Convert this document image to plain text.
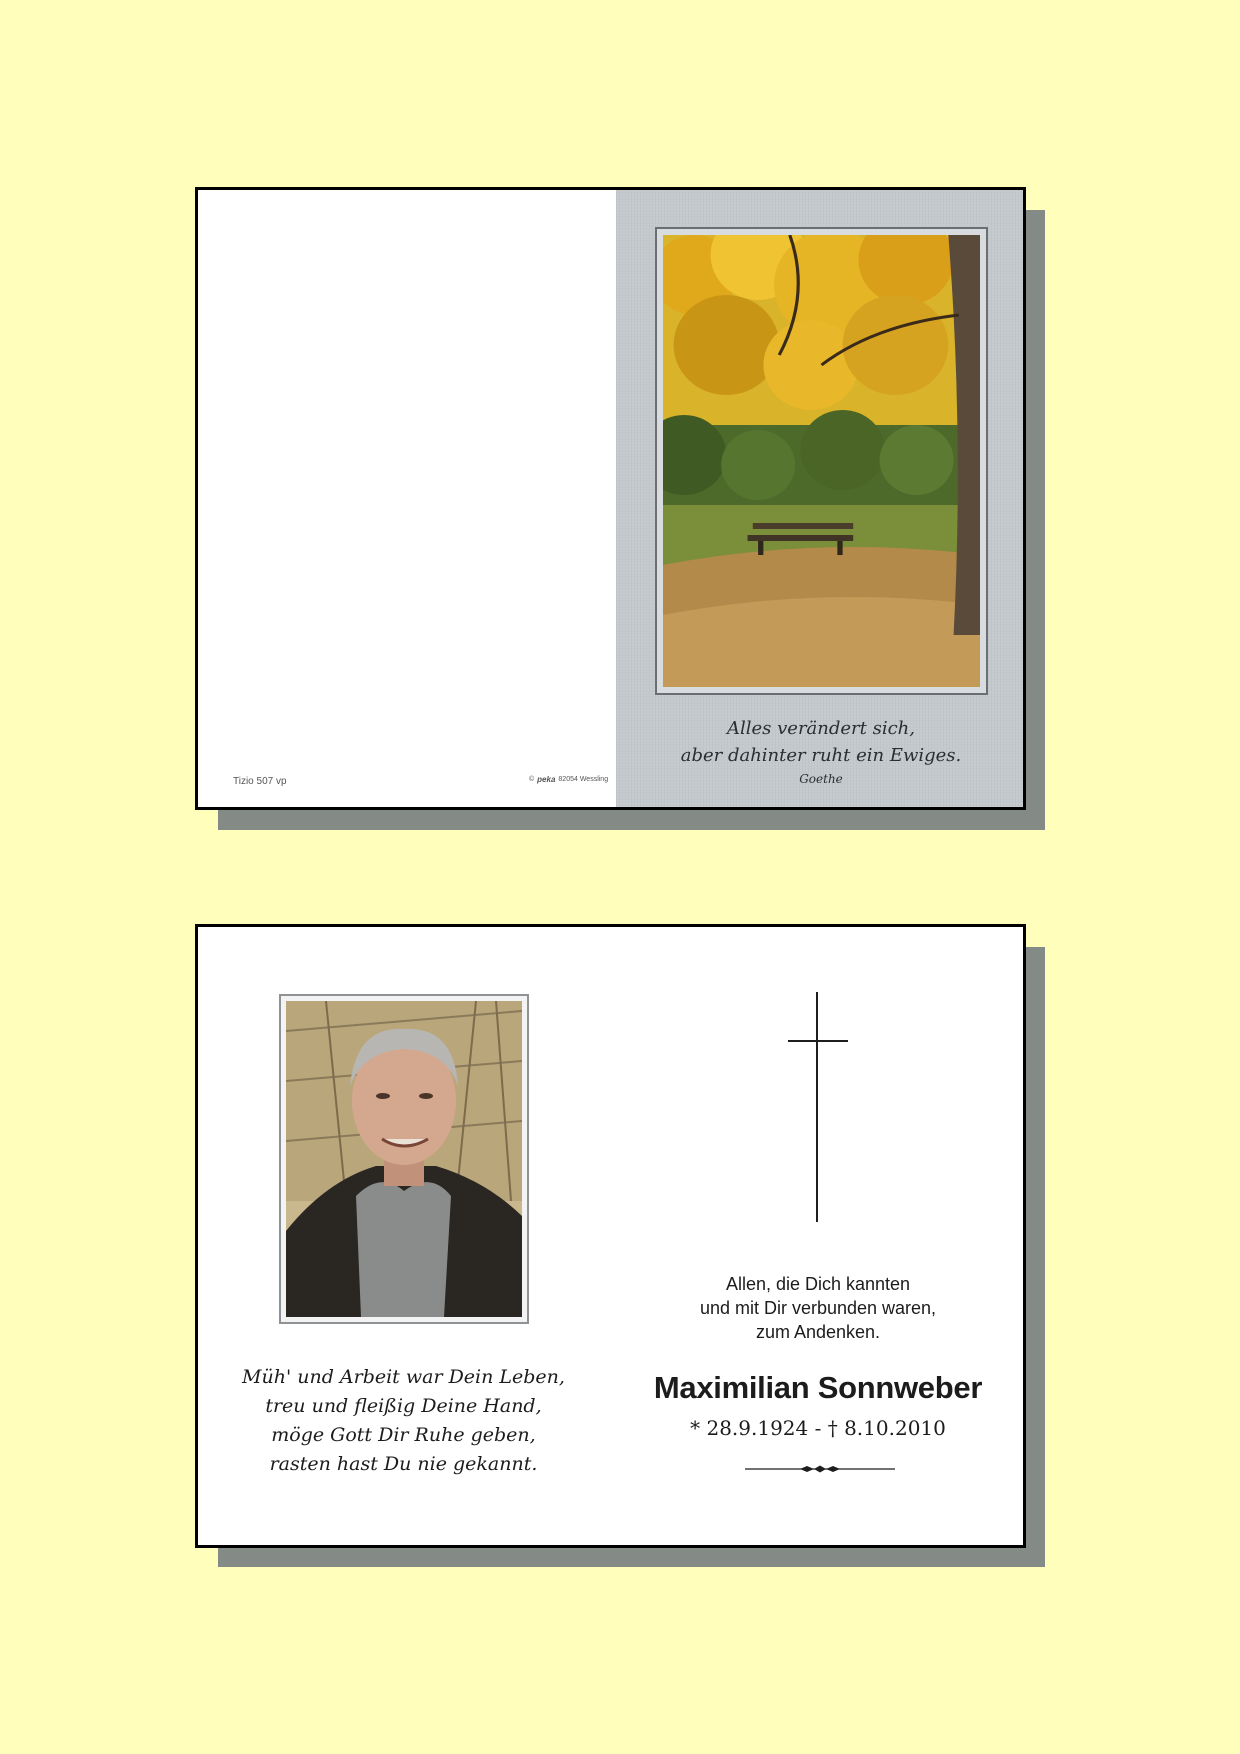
Tizio 507 vp	© peka 82054 Wessling
Alles verändert sich,
aber dahinter ruht ein Ewiges.
Goethe
Müh' und Arbeit war Dein Leben,
treu und fleißig Deine Hand,
möge Gott Dir Ruhe geben,
rasten hast Du nie gekannt.
Allen, die Dich kannten
und mit Dir verbunden waren,
zum Andenken.
Maximilian Sonnweber
* 28.9.1924 - † 8.10.2010
